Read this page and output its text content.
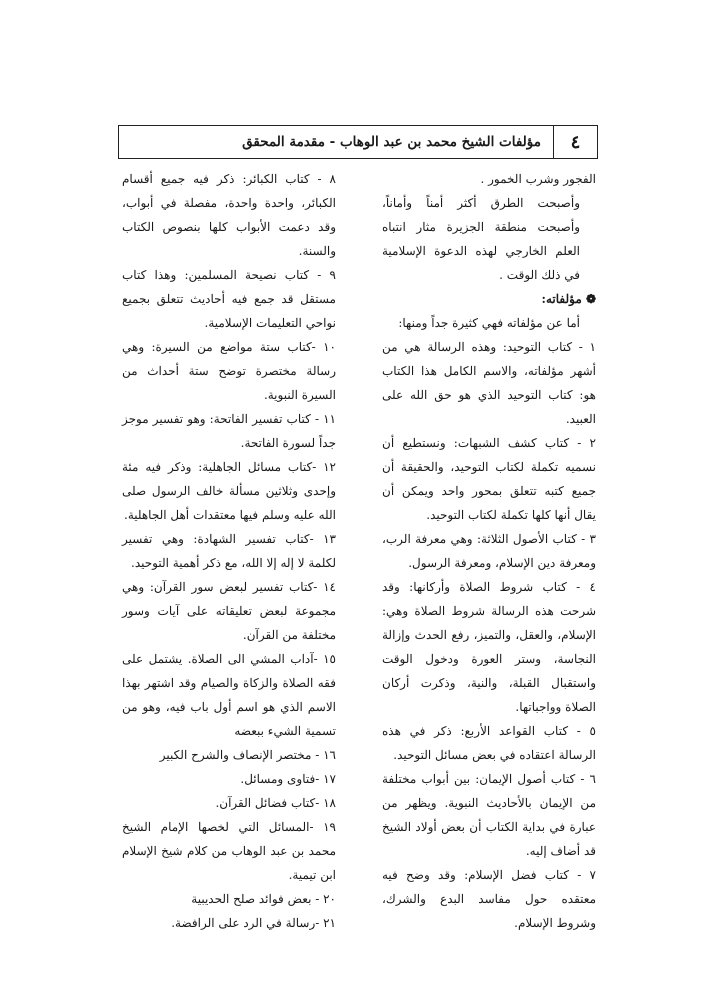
٤
مؤلفات الشيخ محمد بن عبد الوهاب - مقدمة المحقق

الفجور وشرب الخمور .

وأصبحت الطرق أكثر أمناً وأماناً، وأصبحت منطقة الجزيرة مثار انتباه العلم الخارجي لهذه الدعوة الإسلامية في ذلك الوقت .

❁ مؤلفاته:

أما عن مؤلفاته فهي كثيرة جداً ومنها:

١ - كتاب التوحيد: وهذه الرسالة هي من أشهر مؤلفاته، والاسم الكامل هذا الكتاب هو: كتاب التوحيد الذي هو حق الله على العبيد.

٢ - كتاب كشف الشبهات: ونستطيع أن نسميه تكملة لكتاب التوحيد، والحقيقة أن جميع كتبه تتعلق بمحور واحد ويمكن أن يقال أنها كلها تكملة لكتاب التوحيد.

٣ - كتاب الأصول الثلاثة: وهي معرفة الرب، ومعرفة دين الإسلام، ومعرفة الرسول.

٤ - كتاب شروط الصلاة وأركانها: وقد شرحت هذه الرسالة شروط الصلاة وهي: الإسلام، والعقل، والتميز، رفع الحدث وإزالة النجاسة، وستر العورة ودخول الوقت واستقبال القبلة، والنية، وذكرت أركان الصلاة وواجباتها.

٥ - كتاب القواعد الأربع: ذكر في هذه الرسالة اعتقاده في بعض مسائل التوحيد.

٦ - كتاب أصول الإيمان: بين أبواب مختلفة من الإيمان بالأحاديث النبوية. ويظهر من عبارة في بداية الكتاب أن بعض أولاد الشيخ قد أضاف إليه.

٧ - كتاب فضل الإسلام: وقد وضح فيه معتقده حول مفاسد البدع والشرك، وشروط الإسلام.

٨ - كتاب الكبائر: ذكر فيه جميع أقسام الكبائر، واحدة واحدة، مفصلة في أبواب، وقد دعمت الأبواب كلها بنصوص الكتاب والسنة.

٩ - كتاب نصيحة المسلمين: وهذا كتاب مستقل قد جمع فيه أحاديث تتعلق بجميع نواحي التعليمات الإسلامية.

١٠ -كتاب ستة مواضع من السيرة: وهي رسالة مختصرة توضح ستة أحداث من السيرة النبوية.

١١ - كتاب تفسير الفاتحة: وهو تفسير موجز جداً لسورة الفاتحة.

١٢ -كتاب مسائل الجاهلية: وذكر فيه مئة وإحدى وثلاثين مسألة خالف الرسول صلى الله عليه وسلم فيها معتقدات أهل الجاهلية.

١٣ -كتاب تفسير الشهادة: وهي تفسير لكلمة لا إله إلا الله، مع ذكر أهمية التوحيد.

١٤ -كتاب تفسير لبعض سور القرآن: وهي مجموعة لبعض تعليقاته على آيات وسور مختلفة من القرآن.

١٥ -آداب المشي الى الصلاة. يشتمل على فقه الصلاة والزكاة والصيام وقد اشتهر بهذا الاسم الذي هو اسم أول باب فيه، وهو من تسمية الشيء ببعضه

١٦ - مختصر الإنصاف والشرح الكبير

١٧ -فتاوى ومسائل.

١٨ -كتاب فضائل القرآن.

١٩ -المسائل التي لخصها الإمام الشيخ محمد بن عبد الوهاب من كلام شيخ الإسلام ابن تيمية.

٢٠ - بعض فوائد صلح الحديبية

٢١ -رسالة في الرد على الرافضة.
